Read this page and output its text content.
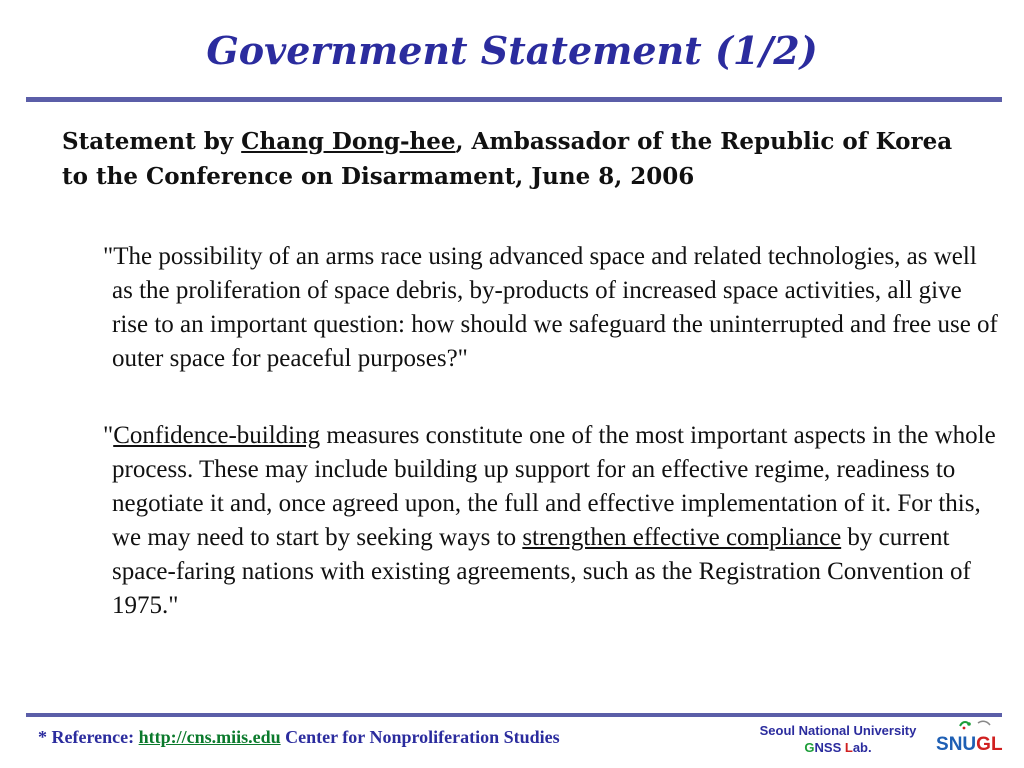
Government Statement (1/2)

Statement by Chang Dong-hee, Ambassador of the Republic of Korea to the Conference on Disarmament, June 8, 2006

"The possibility of an arms race using advanced space and related technologies, as well as the proliferation of space debris, by-products of increased space activities, all give rise to an important question: how should we safeguard the uninterrupted and free use of outer space for peaceful purposes?"

"Confidence-building measures constitute one of the most important aspects in the whole process. These may include building up support for an effective regime, readiness to negotiate it and, once agreed upon, the full and effective implementation of it. For this, we may need to start by seeking ways to strengthen effective compliance by current space-faring nations with existing agreements, such as the Registration Convention of 1975."

* Reference: http://cns.miis.edu Center for Nonproliferation Studies	Seoul National University
GNSS Lab.	SNUGL
